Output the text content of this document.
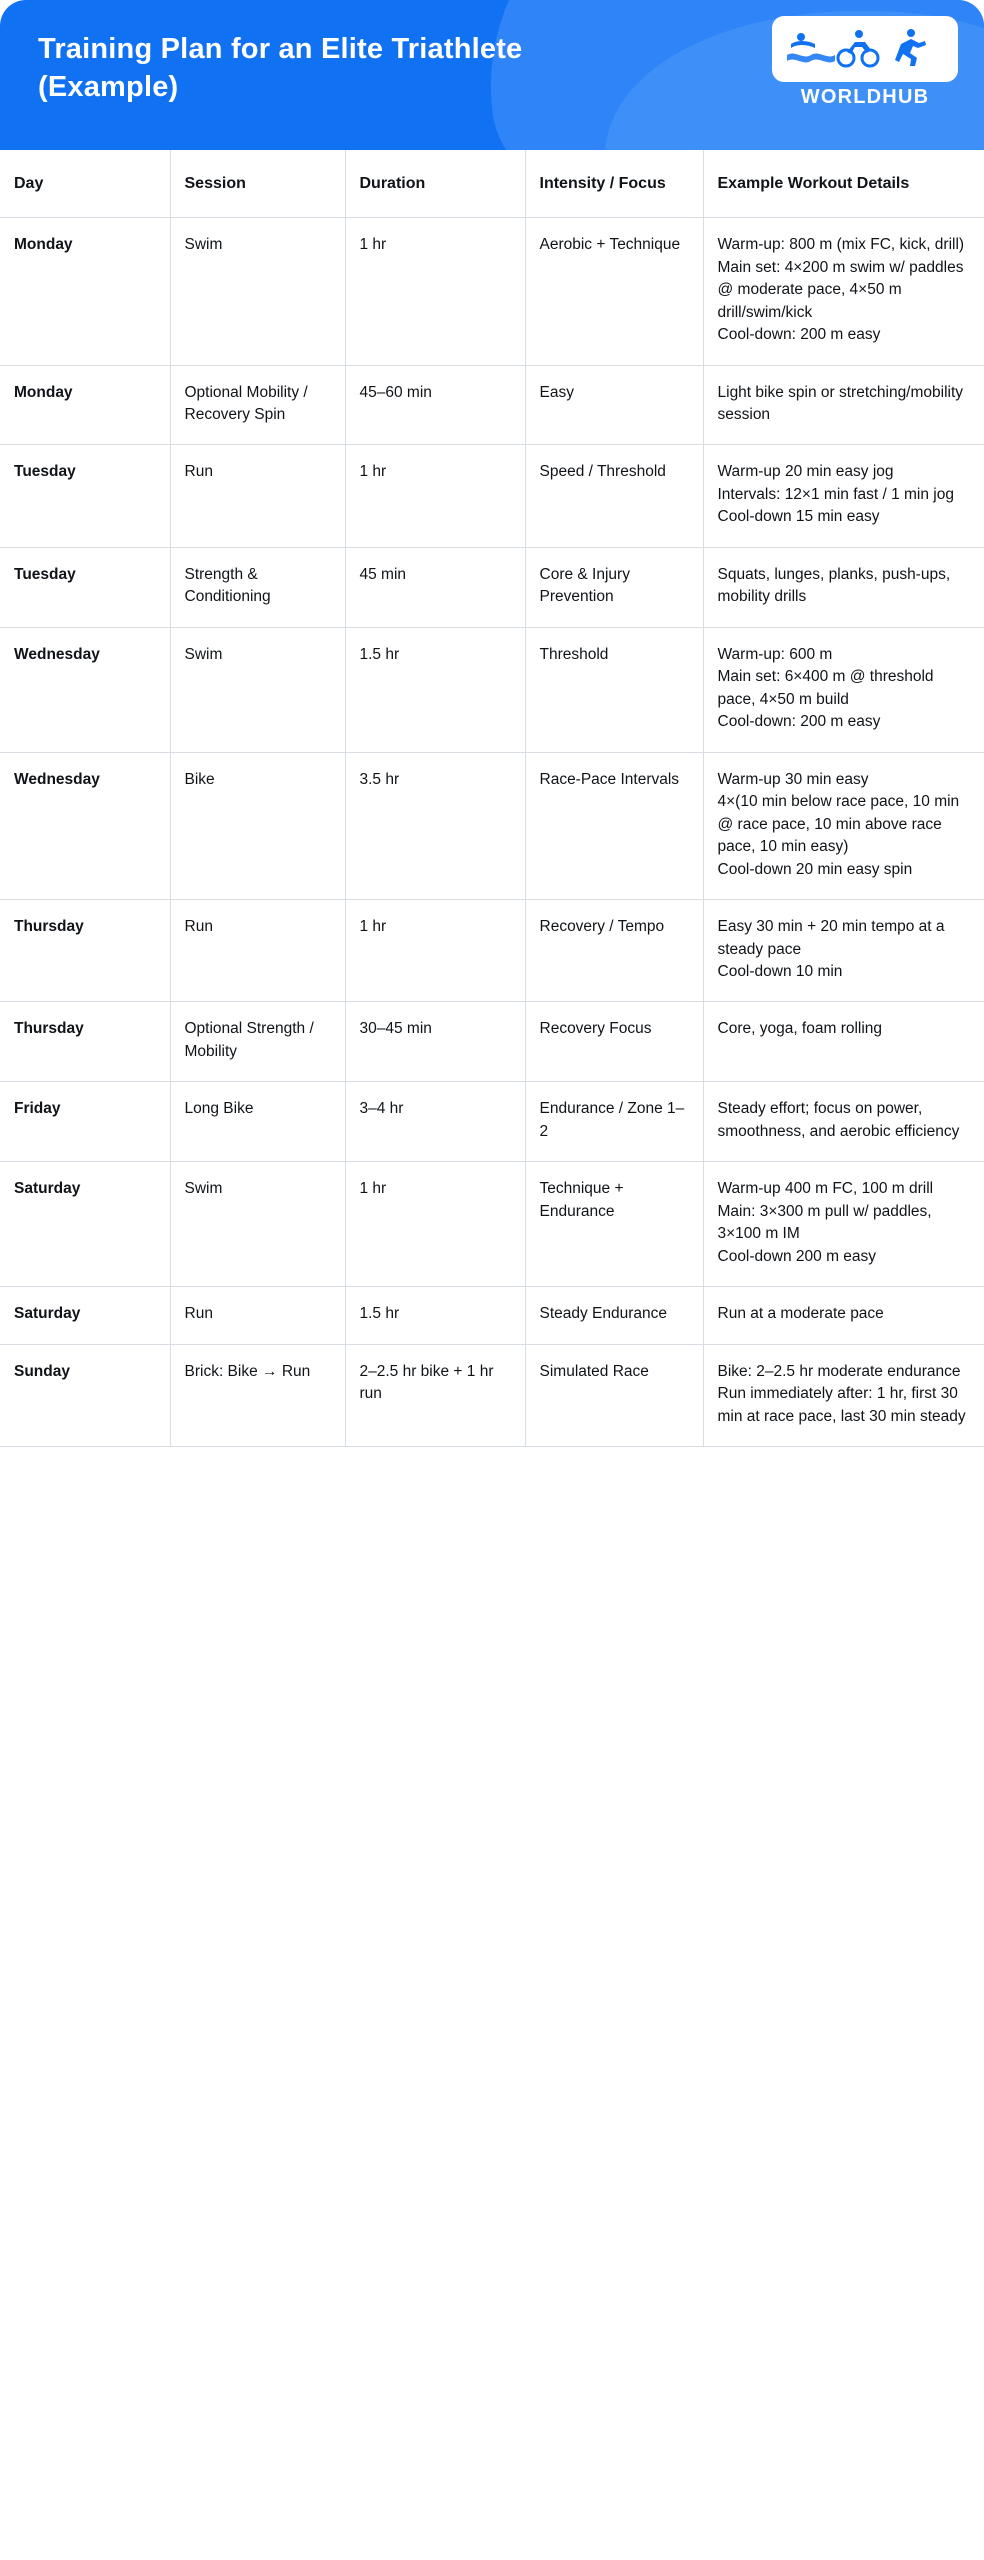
Training Plan for an Elite Triathlete (Example)	WORLDHUB
Day	Session	Duration	Intensity / Focus	Example Workout Details
Monday	Swim	1 hr	Aerobic + Technique	Warm-up: 800 m (mix FC, kick, drill)
Main set: 4×200 m swim w/ paddles @ moderate pace, 4×50 m drill/swim/kick
Cool-down: 200 m easy

Monday	Optional Mobility / Recovery Spin	45–60 min	Easy	Light bike spin or stretching/mobility session

Tuesday	Run	1 hr	Speed / Threshold	Warm-up 20 min easy jog
Intervals: 12×1 min fast / 1 min jog
Cool-down 15 min easy

Tuesday	Strength & Conditioning	45 min	Core & Injury Prevention	Squats, lunges, planks, push-ups, mobility drills

Wednesday	Swim	1.5 hr	Threshold	Warm-up: 600 m
Main set: 6×400 m @ threshold pace, 4×50 m build
Cool-down: 200 m easy

Wednesday	Bike	3.5 hr	Race-Pace Intervals	Warm-up 30 min easy
4×(10 min below race pace, 10 min @ race pace, 10 min above race pace, 10 min easy)
Cool-down 20 min easy spin

Thursday	Run	1 hr	Recovery / Tempo	Easy 30 min + 20 min tempo at a steady pace
Cool-down 10 min

Thursday	Optional Strength / Mobility	30–45 min	Recovery Focus	Core, yoga, foam rolling

Friday	Long Bike	3–4 hr	Endurance / Zone 1–2	Steady effort; focus on power, smoothness, and aerobic efficiency

Saturday	Swim	1 hr	Technique + Endurance	Warm-up 400 m FC, 100 m drill
Main: 3×300 m pull w/ paddles, 3×100 m IM
Cool-down 200 m easy

Saturday	Run	1.5 hr	Steady Endurance	Run at a moderate pace

Sunday	Brick: Bike → Run	2–2.5 hr bike + 1 hr run	Simulated Race	Bike: 2–2.5 hr moderate endurance
Run immediately after: 1 hr, first 30 min at race pace, last 30 min steady
